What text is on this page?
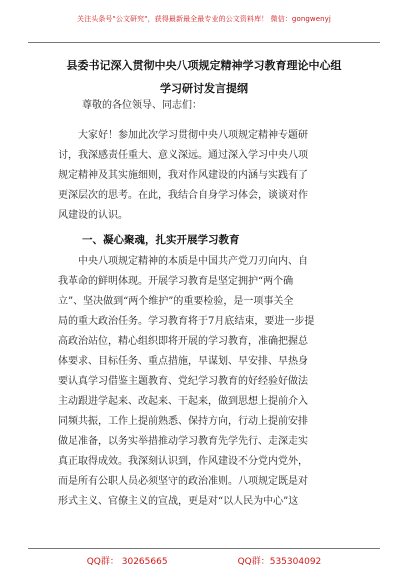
关注头条号"公文研究"，获得最新最全最专业的公文资料库！ 微信：gongwenyj
县委书记深入贯彻中央八项规定精神学习教育理论中心组
学习研讨发言提纲
尊敬的各位领导、同志们：
大家好！参加此次学习贯彻中央八项规定精神专题研
讨，我深感责任重大、意义深远。通过深入学习中央八项
规定精神及其实施细则，我对作风建设的内涵与实践有了
更深层次的思考。在此，我结合自身学习体会，谈谈对作
风建设的认识。
一、凝心聚魂，扎实开展学习教育
中央八项规定精神的本质是中国共产党刀刃向内、自
我革命的鲜明体现。开展学习教育是坚定拥护“两个确
立”、坚决做到“两个维护”的重要检验，是一项事关全
局的重大政治任务。学习教育将于7月底结束，要进一步提
高政治站位，精心组织即将开展的学习教育，准确把握总
体要求、目标任务、重点措施，早谋划、早安排、早热身
要认真学习借鉴主题教育、党纪学习教育的好经验好做法
主动跟进学起来、改起来、干起来，做到思想上提前介入
同频共振，工作上提前熟悉、保持方向，行动上提前安排
做足准备，以务实举措推动学习教育先学先行、走深走实
真正取得成效。我深刻认识到，作风建设不分党内党外，
而是所有公职人员必须坚守的政治准则。八项规定既是对
形式主义、官僚主义的宣战，更是对“以人民为中心”这
QQ群： 30265665	QQ群：535304092
